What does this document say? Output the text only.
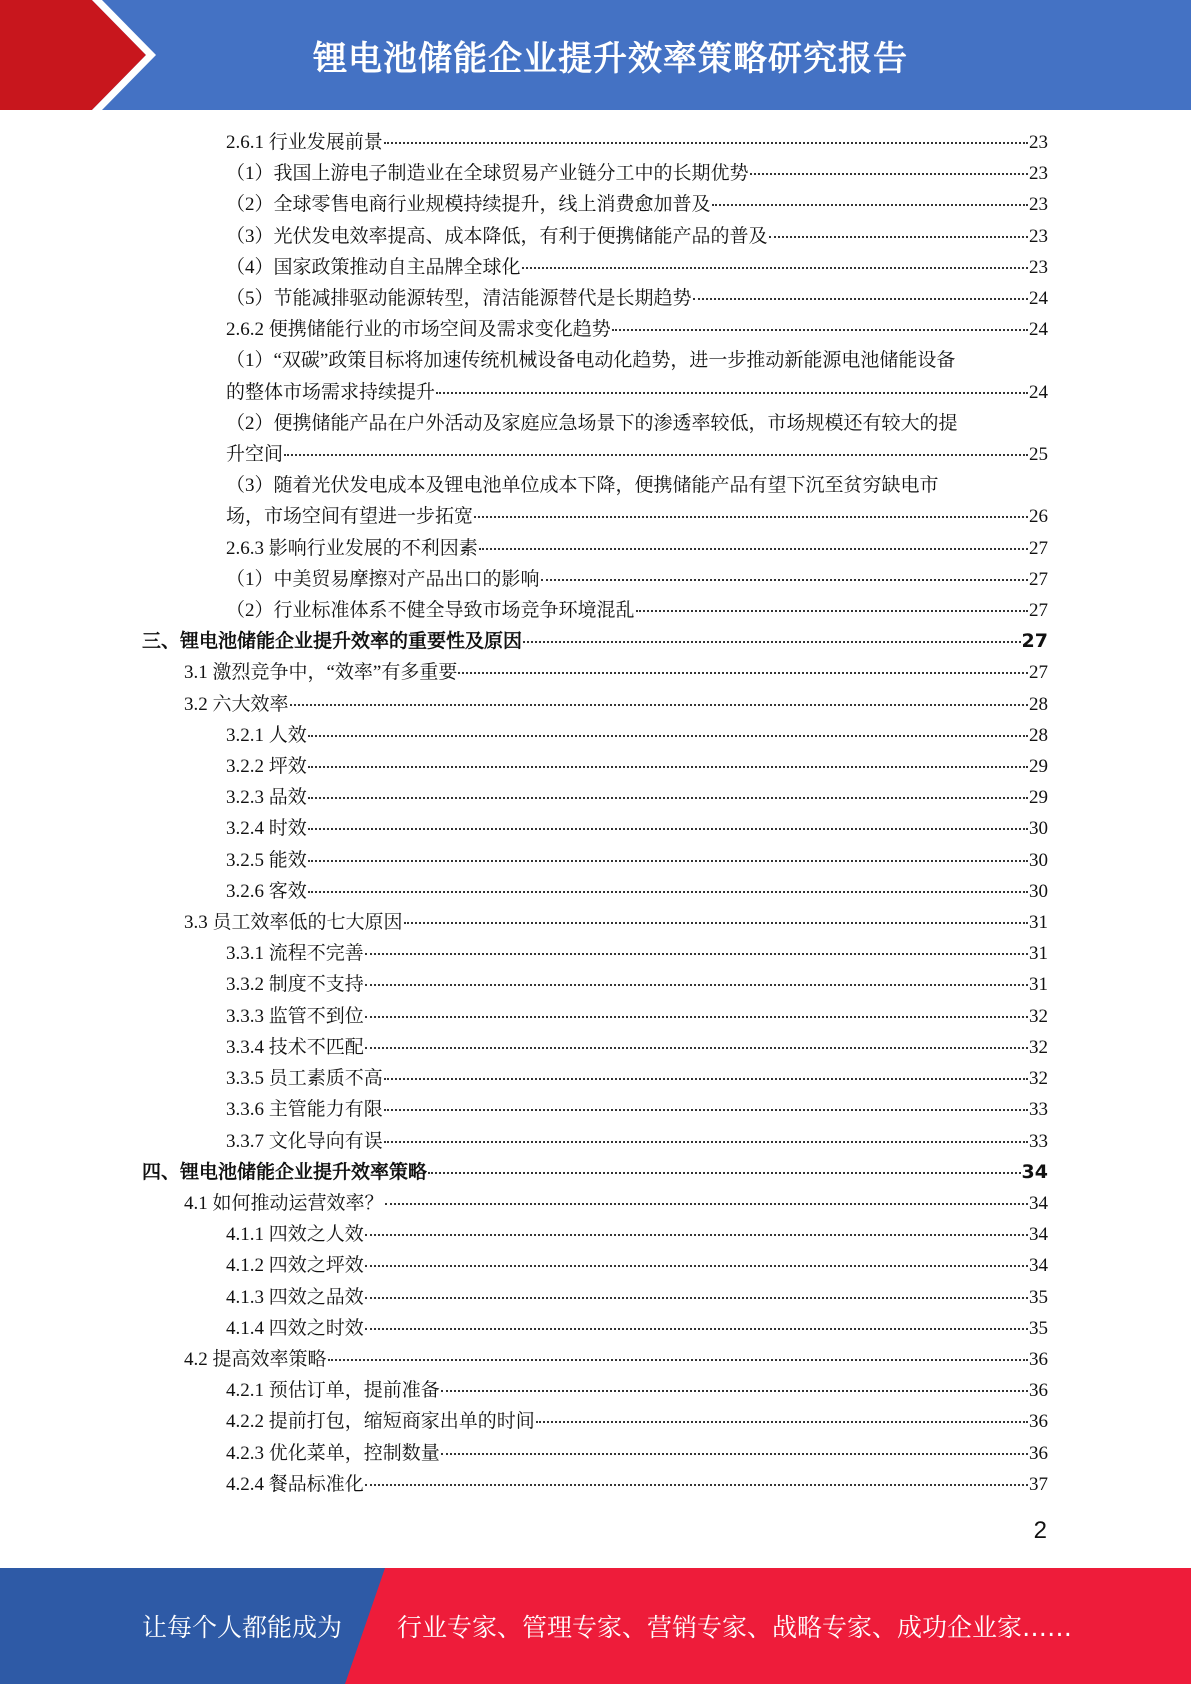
锂电池储能企业提升效率策略研究报告
2.6.1 行业发展前景	23
（1）我国上游电子制造业在全球贸易产业链分工中的长期优势	23
（2）全球零售电商行业规模持续提升，线上消费愈加普及	23
（3）光伏发电效率提高、成本降低，有利于便携储能产品的普及	23
（4）国家政策推动自主品牌全球化	23
（5）节能减排驱动能源转型，清洁能源替代是长期趋势	24
2.6.2 便携储能行业的市场空间及需求变化趋势	24
（1）“双碳”政策目标将加速传统机械设备电动化趋势，进一步推动新能源电池储能设备
的整体市场需求持续提升	24
（2）便携储能产品在户外活动及家庭应急场景下的渗透率较低，市场规模还有较大的提
升空间	25
（3）随着光伏发电成本及锂电池单位成本下降，便携储能产品有望下沉至贫穷缺电市
场，市场空间有望进一步拓宽	26
2.6.3 影响行业发展的不利因素	27
（1）中美贸易摩擦对产品出口的影响	27
（2）行业标准体系不健全导致市场竞争环境混乱	27
三、锂电池储能企业提升效率的重要性及原因	27
3.1 激烈竞争中，“效率”有多重要	27
3.2 六大效率	28
3.2.1 人效	28
3.2.2 坪效	29
3.2.3 品效	29
3.2.4 时效	30
3.2.5 能效	30
3.2.6 客效	30
3.3 员工效率低的七大原因	31
3.3.1 流程不完善	31
3.3.2 制度不支持	31
3.3.3 监管不到位	32
3.3.4 技术不匹配	32
3.3.5 员工素质不高	32
3.3.6 主管能力有限	33
3.3.7 文化导向有误	33
四、锂电池储能企业提升效率策略	34
4.1 如何推动运营效率？	34
4.1.1 四效之人效	34
4.1.2 四效之坪效	34
4.1.3 四效之品效	35
4.1.4 四效之时效	35
4.2 提高效率策略	36
4.2.1 预估订单，提前准备	36
4.2.2 提前打包，缩短商家出单的时间	36
4.2.3 优化菜单，控制数量	36
4.2.4 餐品标准化	37
2
让每个人都能成为 行业专家、管理专家、营销专家、战略专家、成功企业家……
